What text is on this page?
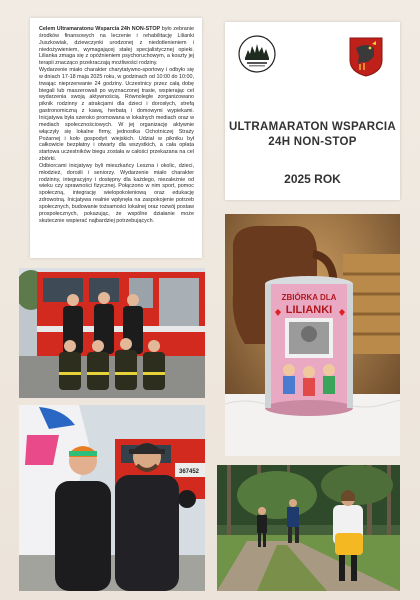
Celem Ultramaratonu Wsparcia 24h NON-STOP było zebranie środków finansowych na leczenie i rehabilitację Lilianki Juszkowiak, dziewczynki urodzonej z niedotlenieniem i niedożywieniem, wymagającej stałej specjalistycznej opieki. Lilianka zmaga się z opóźnieniem psychoruchowym, a koszty jej terapii znacząco przekraczają możliwości rodziny.

Wydarzenie miało charakter charytatywno-sportowy i odbyło się w dniach 17-18 maja 2025 roku, w godzinach od 10:00 do 10:00, trwając nieprzerwanie 24 godziny. Uczestnicy przez całą dobę biegali lub maszerowali po wyznaczonej trasie, wspierając cel wydarzenia swoją aktywnością. Równolegle zorganizowano piknik rodzinny z atrakcjami dla dzieci i dorosłych, strefą gastronomiczną z kawą, herbatą i domowymi wypiekami. Inicjatywa była szeroko promowana w lokalnych mediach oraz w mediach społecznościowych. W jej organizację aktywnie włączyły się lokalne firmy, jednostka Ochotniczej Straży Pożarnej i koło gospodyń wiejskich. Udział w pikniku był całkowicie bezpłatny i otwarty dla wszystkich, a cała opłata startowa uczestników biegu została w całości przekazana na cel zbiórki.

Odbiorcami inicjatywy byli mieszkańcy Leszna i okolic, dzieci, młodzież, dorośli i seniorzy. Wydarzenie miało charakter rodzinny, integracyjny i dostępny dla każdego, niezależnie od wieku czy sprawności fizycznej. Połączono w nim sport, pomoc społeczną, integrację wielopokoleniową oraz edukację zdrowotną. Inicjatywa realnie wpłynęła na zaspokojenie potrzeb społecznych, budowanie tożsamości lokalnej oraz rozwój postaw prospołecznych, pokazując, że wspólne działanie może skutecznie wspierać najbardziej potrzebujących.

ULTRAMARATON WSPARCIA
24H NON-STOP
2025 ROK
ZBIÓRKA DLA
LILIANKI
367452
